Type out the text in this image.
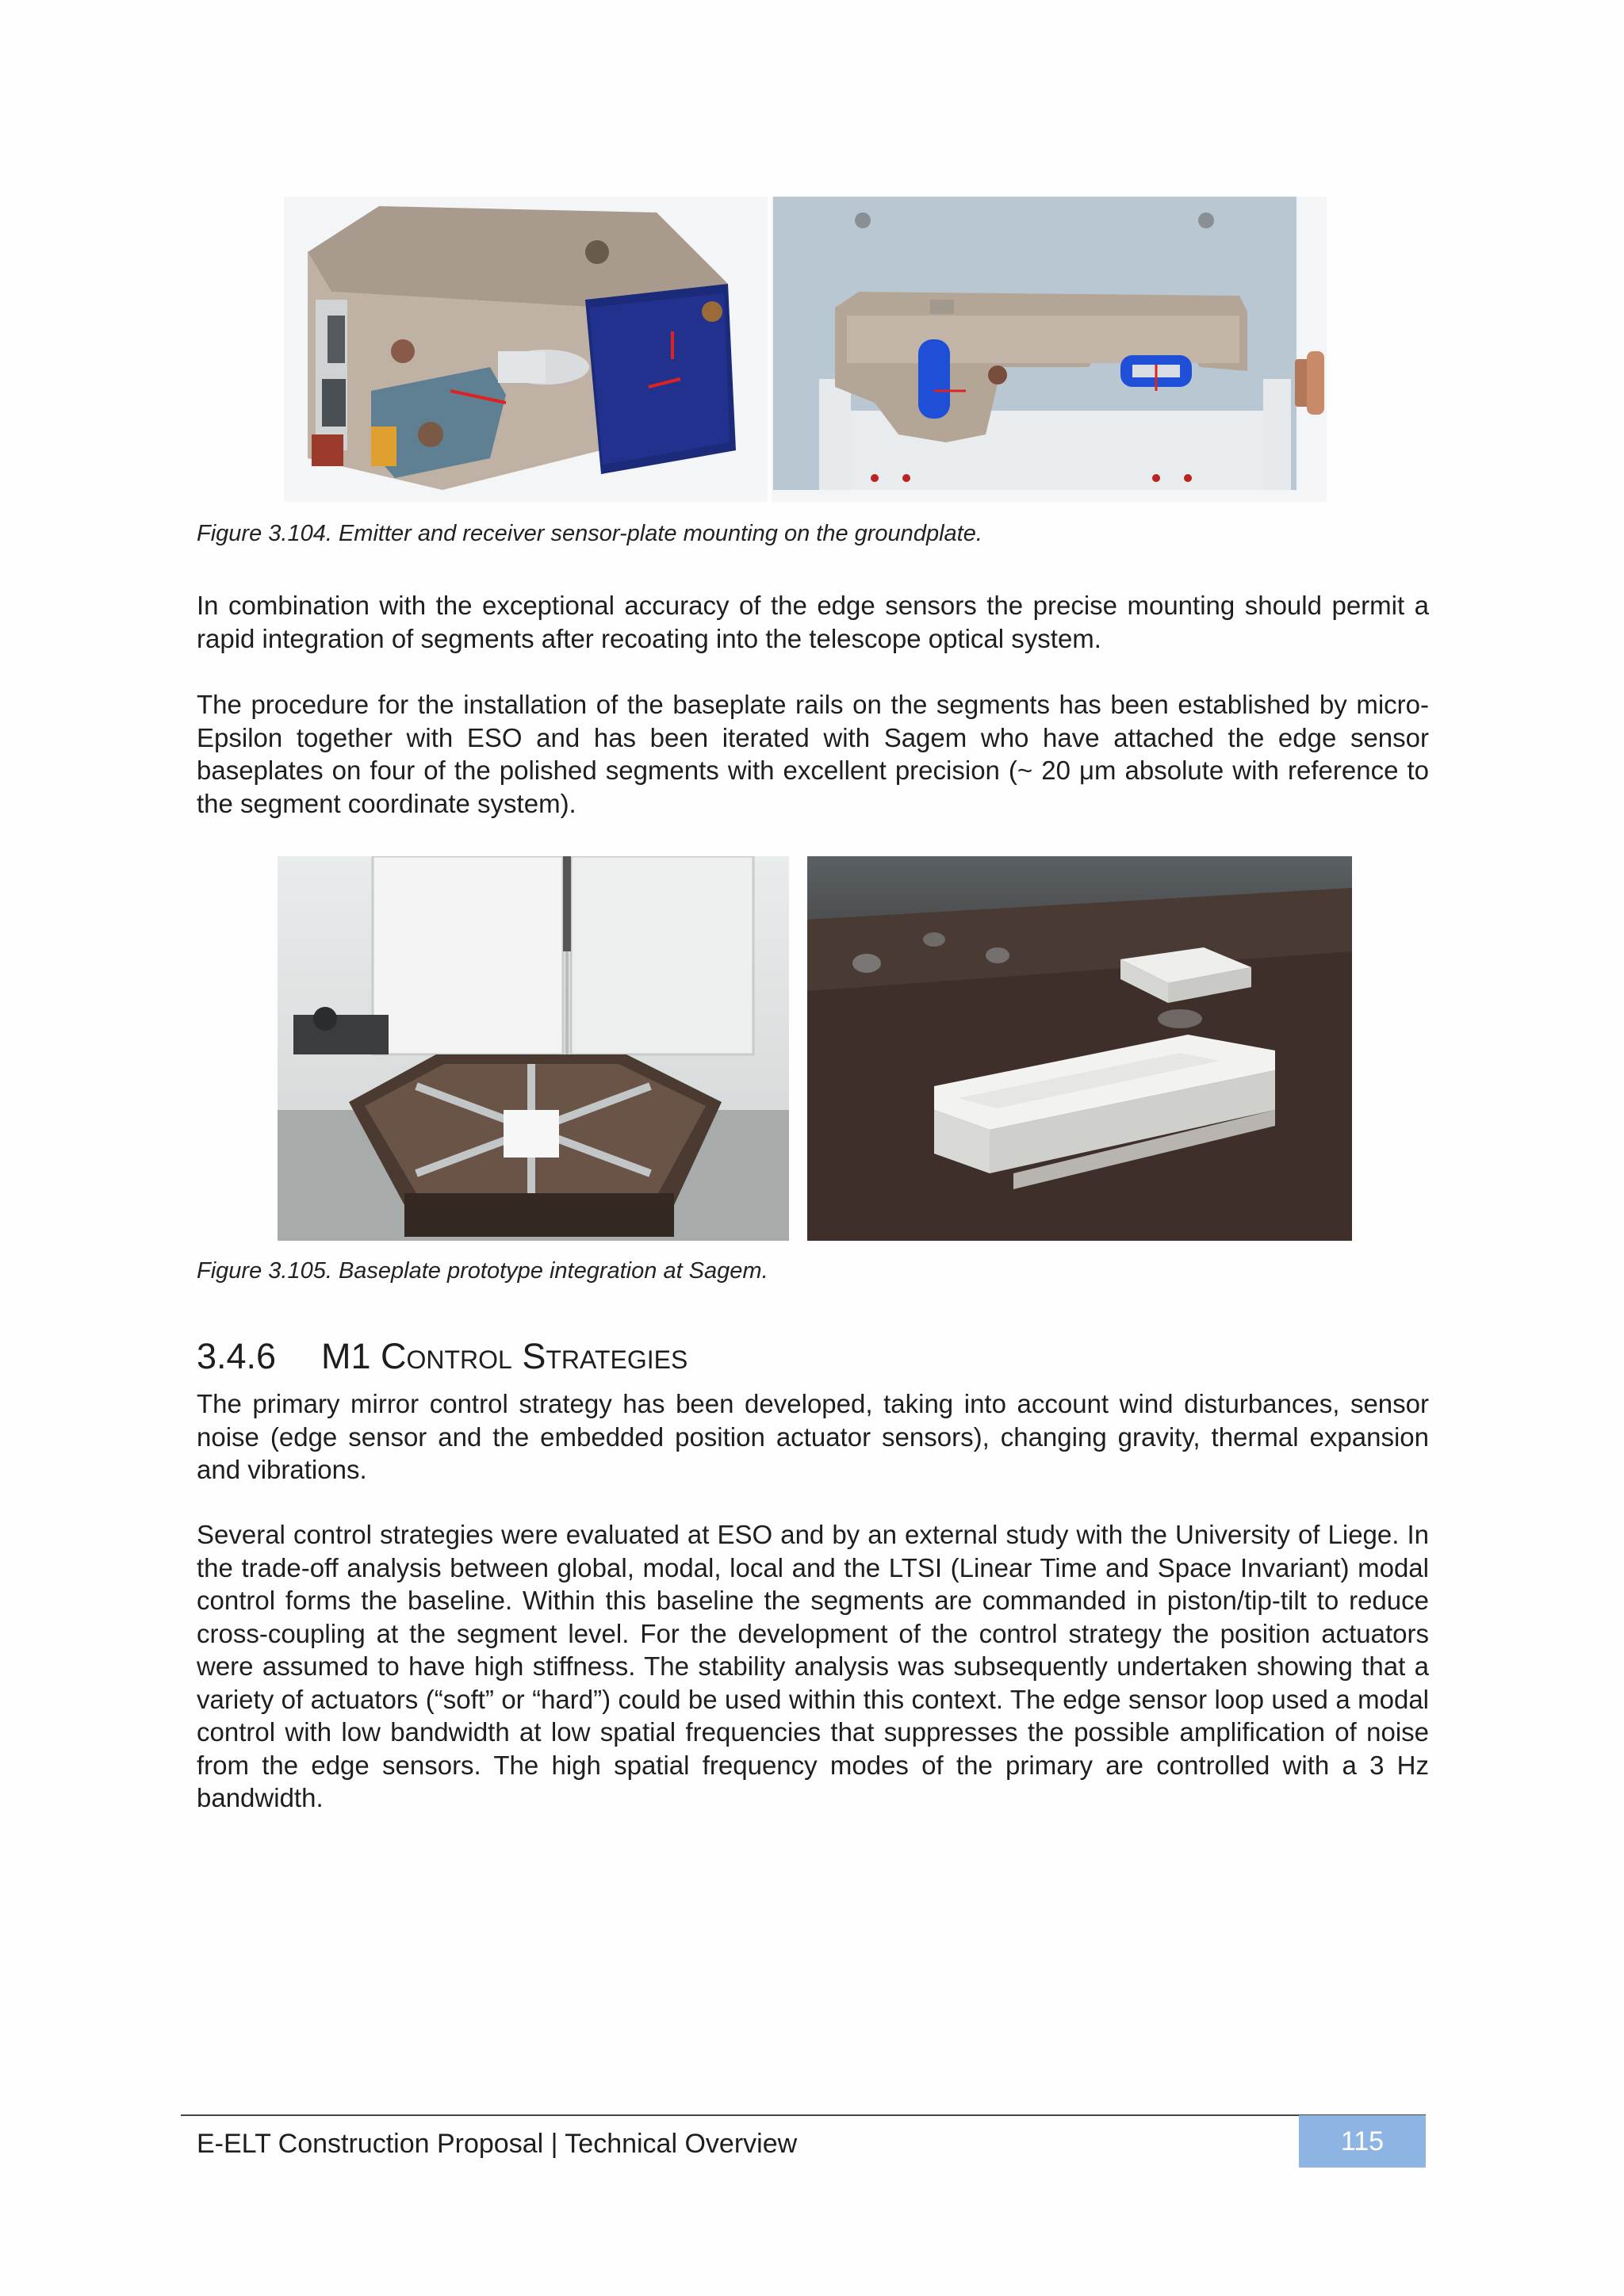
Figure 3.104. Emitter and receiver sensor-plate mounting on the groundplate.

In combination with the exceptional accuracy of the edge sensors the precise mounting should permit a rapid integration of segments after recoating into the telescope optical system.

The procedure for the installation of the baseplate rails on the segments has been established by micro-Epsilon together with ESO and has been iterated with Sagem who have attached the edge sensor baseplates on four of the polished segments with excellent precision (~ 20 μm absolute with reference to the segment coordinate system).

Figure 3.105. Baseplate prototype integration at Sagem.
3.4.6 M1 Control Strategies

The primary mirror control strategy has been developed, taking into account wind disturbances, sensor noise (edge sensor and the embedded position actuator sensors), changing gravity, thermal expansion and vibrations.

Several control strategies were evaluated at ESO and by an external study with the University of Liege. In the trade-off analysis between global, modal, local and the LTSI (Linear Time and Space Invariant) modal control forms the baseline. Within this baseline the segments are commanded in piston/tip-tilt to reduce cross-coupling at the segment level. For the development of the control strategy the position actuators were assumed to have high stiffness. The stability analysis was subsequently undertaken showing that a variety of actuators (“soft” or “hard”) could be used within this context. The edge sensor loop used a modal control with low bandwidth at low spatial frequencies that suppresses the possible amplification of noise from the edge sensors. The high spatial frequency modes of the primary are controlled with a 3 Hz bandwidth.

E-ELT Construction Proposal | Technical Overview	115
